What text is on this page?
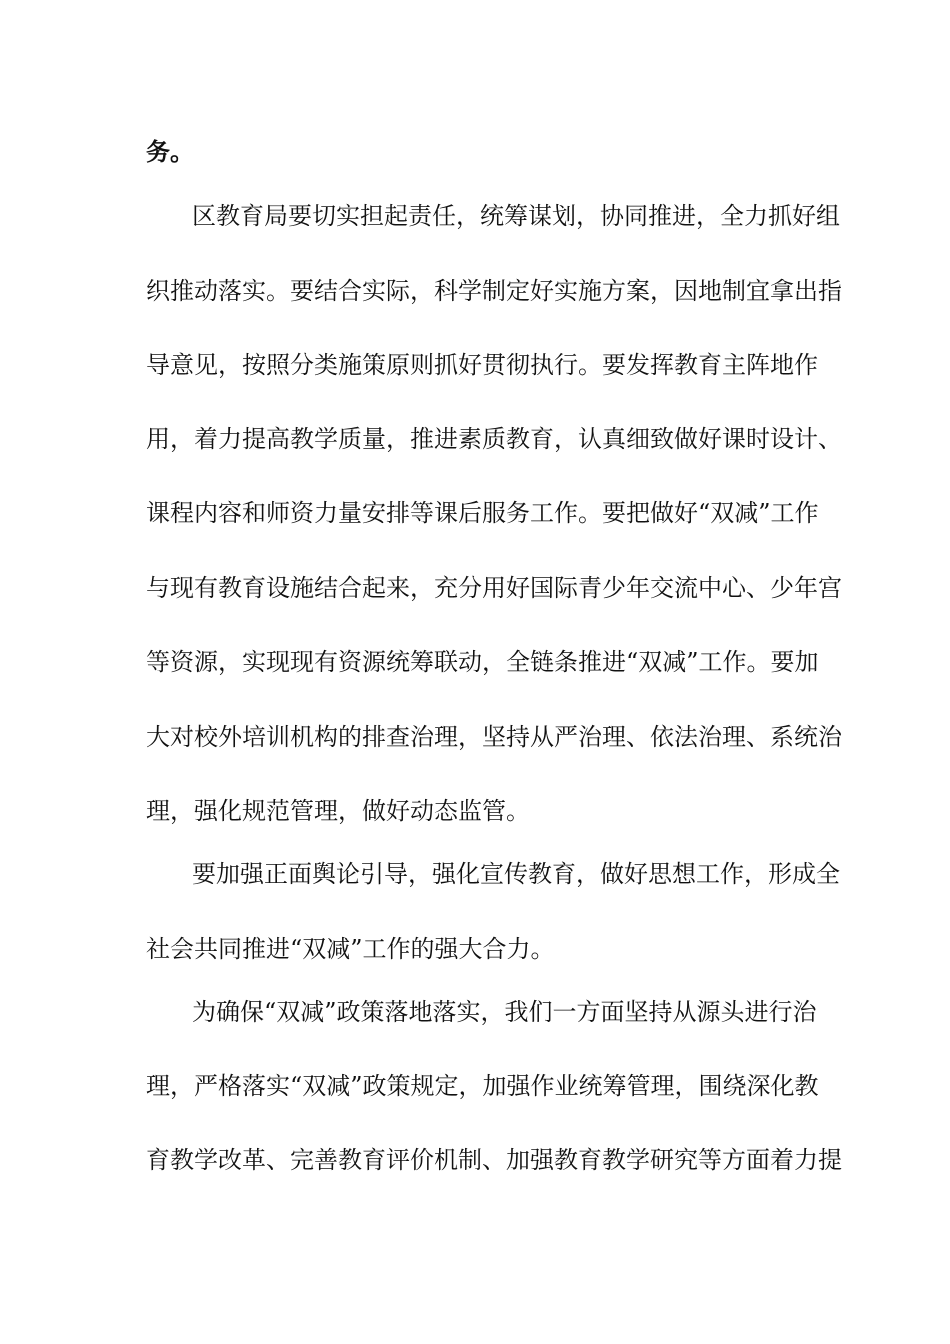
务。
区教育局要切实担起责任，统筹谋划，协同推进，全力抓好组
织推动落实。要结合实际，科学制定好实施方案，因地制宜拿出指
导意见，按照分类施策原则抓好贯彻执行。要发挥教育主阵地作
用，着力提高教学质量，推进素质教育，认真细致做好课时设计、
课程内容和师资力量安排等课后服务工作。要把做好“双减”工作
与现有教育设施结合起来，充分用好国际青少年交流中心、少年宫
等资源，实现现有资源统筹联动，全链条推进“双减”工作。要加
大对校外培训机构的排查治理，坚持从严治理、依法治理、系统治
理，强化规范管理，做好动态监管。
要加强正面舆论引导，强化宣传教育，做好思想工作，形成全
社会共同推进“双减”工作的强大合力。
为确保“双减”政策落地落实，我们一方面坚持从源头进行治
理，严格落实“双减”政策规定，加强作业统筹管理，围绕深化教
育教学改革、完善教育评价机制、加强教育教学研究等方面着力提
